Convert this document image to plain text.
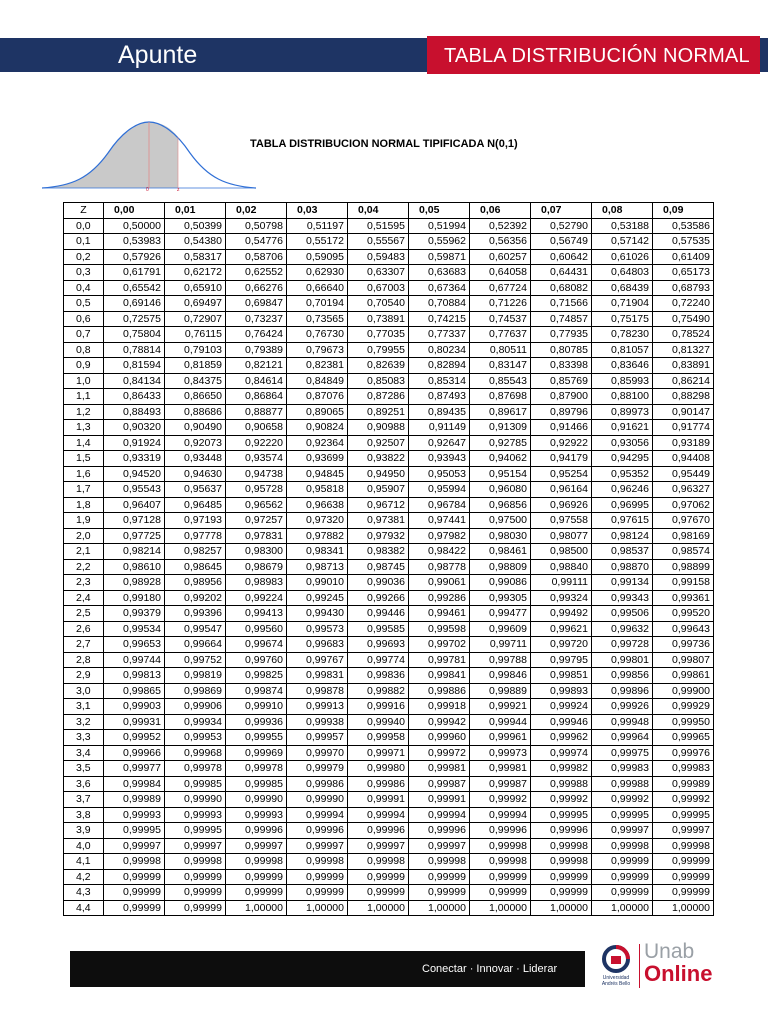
Apunte	TABLA DISTRIBUCIÓN NORMAL
0	z
TABLA DISTRIBUCION NORMAL TIPIFICADA N(0,1)
Z	0,00	0,01	0,02	0,03	0,04	0,05	0,06	0,07	0,08	0,09
0,0	0,50000	0,50399	0,50798	0,51197	0,51595	0,51994	0,52392	0,52790	0,53188	0,53586
0,1	0,53983	0,54380	0,54776	0,55172	0,55567	0,55962	0,56356	0,56749	0,57142	0,57535
0,2	0,57926	0,58317	0,58706	0,59095	0,59483	0,59871	0,60257	0,60642	0,61026	0,61409
0,3	0,61791	0,62172	0,62552	0,62930	0,63307	0,63683	0,64058	0,64431	0,64803	0,65173
0,4	0,65542	0,65910	0,66276	0,66640	0,67003	0,67364	0,67724	0,68082	0,68439	0,68793
0,5	0,69146	0,69497	0,69847	0,70194	0,70540	0,70884	0,71226	0,71566	0,71904	0,72240
0,6	0,72575	0,72907	0,73237	0,73565	0,73891	0,74215	0,74537	0,74857	0,75175	0,75490
0,7	0,75804	0,76115	0,76424	0,76730	0,77035	0,77337	0,77637	0,77935	0,78230	0,78524
0,8	0,78814	0,79103	0,79389	0,79673	0,79955	0,80234	0,80511	0,80785	0,81057	0,81327
0,9	0,81594	0,81859	0,82121	0,82381	0,82639	0,82894	0,83147	0,83398	0,83646	0,83891
1,0	0,84134	0,84375	0,84614	0,84849	0,85083	0,85314	0,85543	0,85769	0,85993	0,86214
1,1	0,86433	0,86650	0,86864	0,87076	0,87286	0,87493	0,87698	0,87900	0,88100	0,88298
1,2	0,88493	0,88686	0,88877	0,89065	0,89251	0,89435	0,89617	0,89796	0,89973	0,90147
1,3	0,90320	0,90490	0,90658	0,90824	0,90988	0,91149	0,91309	0,91466	0,91621	0,91774
1,4	0,91924	0,92073	0,92220	0,92364	0,92507	0,92647	0,92785	0,92922	0,93056	0,93189
1,5	0,93319	0,93448	0,93574	0,93699	0,93822	0,93943	0,94062	0,94179	0,94295	0,94408
1,6	0,94520	0,94630	0,94738	0,94845	0,94950	0,95053	0,95154	0,95254	0,95352	0,95449
1,7	0,95543	0,95637	0,95728	0,95818	0,95907	0,95994	0,96080	0,96164	0,96246	0,96327
1,8	0,96407	0,96485	0,96562	0,96638	0,96712	0,96784	0,96856	0,96926	0,96995	0,97062
1,9	0,97128	0,97193	0,97257	0,97320	0,97381	0,97441	0,97500	0,97558	0,97615	0,97670
2,0	0,97725	0,97778	0,97831	0,97882	0,97932	0,97982	0,98030	0,98077	0,98124	0,98169
2,1	0,98214	0,98257	0,98300	0,98341	0,98382	0,98422	0,98461	0,98500	0,98537	0,98574
2,2	0,98610	0,98645	0,98679	0,98713	0,98745	0,98778	0,98809	0,98840	0,98870	0,98899
2,3	0,98928	0,98956	0,98983	0,99010	0,99036	0,99061	0,99086	0,99111	0,99134	0,99158
2,4	0,99180	0,99202	0,99224	0,99245	0,99266	0,99286	0,99305	0,99324	0,99343	0,99361
2,5	0,99379	0,99396	0,99413	0,99430	0,99446	0,99461	0,99477	0,99492	0,99506	0,99520
2,6	0,99534	0,99547	0,99560	0,99573	0,99585	0,99598	0,99609	0,99621	0,99632	0,99643
2,7	0,99653	0,99664	0,99674	0,99683	0,99693	0,99702	0,99711	0,99720	0,99728	0,99736
2,8	0,99744	0,99752	0,99760	0,99767	0,99774	0,99781	0,99788	0,99795	0,99801	0,99807
2,9	0,99813	0,99819	0,99825	0,99831	0,99836	0,99841	0,99846	0,99851	0,99856	0,99861
3,0	0,99865	0,99869	0,99874	0,99878	0,99882	0,99886	0,99889	0,99893	0,99896	0,99900
3,1	0,99903	0,99906	0,99910	0,99913	0,99916	0,99918	0,99921	0,99924	0,99926	0,99929
3,2	0,99931	0,99934	0,99936	0,99938	0,99940	0,99942	0,99944	0,99946	0,99948	0,99950
3,3	0,99952	0,99953	0,99955	0,99957	0,99958	0,99960	0,99961	0,99962	0,99964	0,99965
3,4	0,99966	0,99968	0,99969	0,99970	0,99971	0,99972	0,99973	0,99974	0,99975	0,99976
3,5	0,99977	0,99978	0,99978	0,99979	0,99980	0,99981	0,99981	0,99982	0,99983	0,99983
3,6	0,99984	0,99985	0,99985	0,99986	0,99986	0,99987	0,99987	0,99988	0,99988	0,99989
3,7	0,99989	0,99990	0,99990	0,99990	0,99991	0,99991	0,99992	0,99992	0,99992	0,99992
3,8	0,99993	0,99993	0,99993	0,99994	0,99994	0,99994	0,99994	0,99995	0,99995	0,99995
3,9	0,99995	0,99995	0,99996	0,99996	0,99996	0,99996	0,99996	0,99996	0,99997	0,99997
4,0	0,99997	0,99997	0,99997	0,99997	0,99997	0,99997	0,99998	0,99998	0,99998	0,99998
4,1	0,99998	0,99998	0,99998	0,99998	0,99998	0,99998	0,99998	0,99998	0,99999	0,99999
4,2	0,99999	0,99999	0,99999	0,99999	0,99999	0,99999	0,99999	0,99999	0,99999	0,99999
4,3	0,99999	0,99999	0,99999	0,99999	0,99999	0,99999	0,99999	0,99999	0,99999	0,99999
4,4	0,99999	0,99999	1,00000	1,00000	1,00000	1,00000	1,00000	1,00000	1,00000	1,00000
Conectar · Innovar · Liderar
Universidad Andrés Bello
Unab
Online
